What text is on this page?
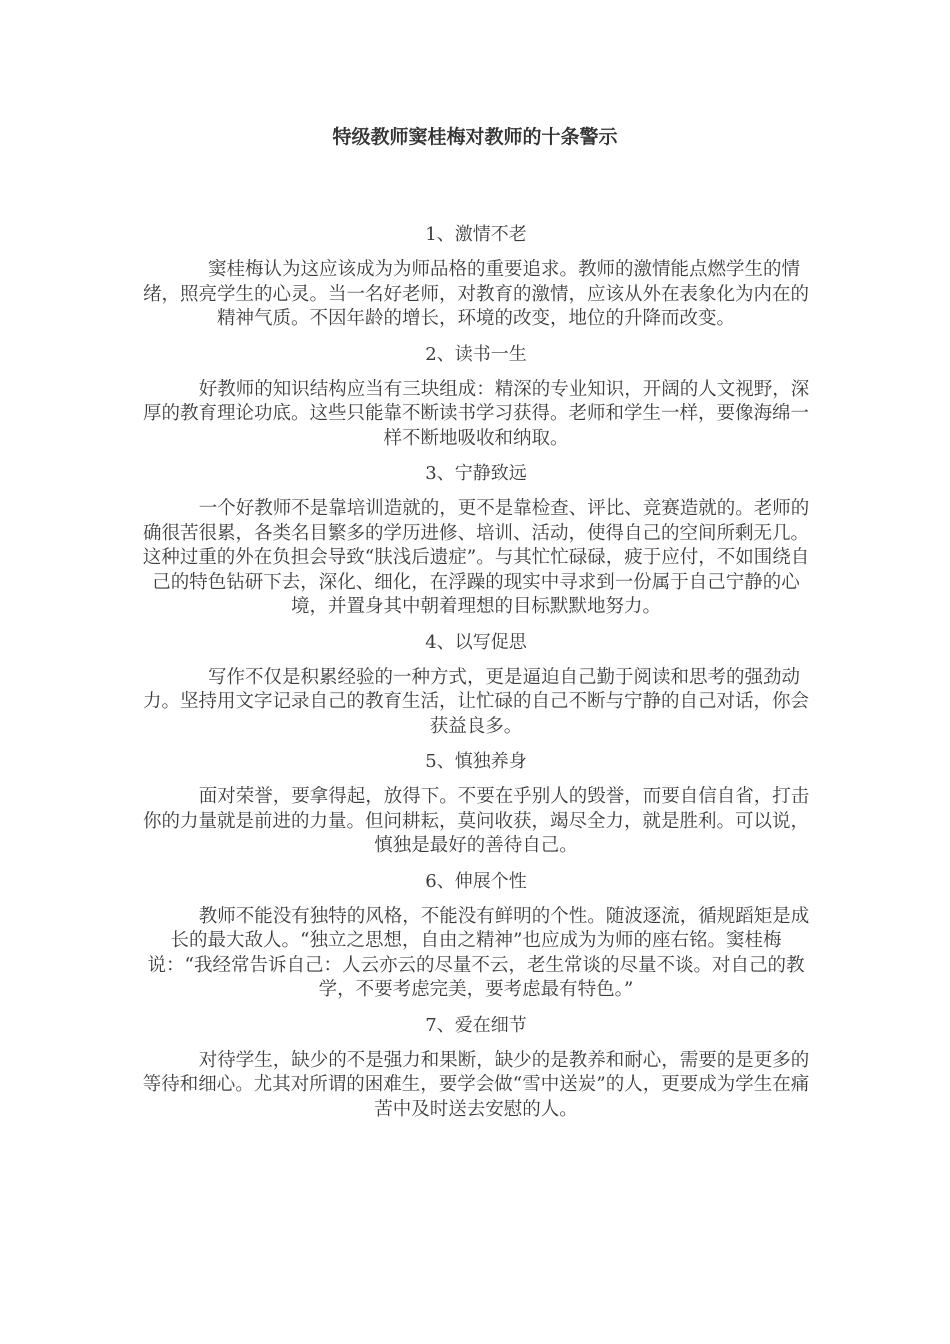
特级教师窦桂梅对教师的十条警示

1、激情不老

窦桂梅认为这应该成为为师品格的重要追求。教师的激情能点燃学生的情绪，照亮学生的心灵。当一名好老师，对教育的激情，应该从外在表象化为内在的精神气质。不因年龄的增长，环境的改变，地位的升降而改变。

2、读书一生

好教师的知识结构应当有三块组成：精深的专业知识，开阔的人文视野，深厚的教育理论功底。这些只能靠不断读书学习获得。老师和学生一样，要像海绵一样不断地吸收和纳取。

3、宁静致远

一个好教师不是靠培训造就的，更不是靠检查、评比、竞赛造就的。老师的确很苦很累，各类名目繁多的学历进修、培训、活动，使得自己的空间所剩无几。这种过重的外在负担会导致“肤浅后遗症”。与其忙忙碌碌，疲于应付，不如围绕自己的特色钻研下去，深化、细化，在浮躁的现实中寻求到一份属于自己宁静的心境，并置身其中朝着理想的目标默默地努力。

4、以写促思

写作不仅是积累经验的一种方式，更是逼迫自己勤于阅读和思考的强劲动力。坚持用文字记录自己的教育生活，让忙碌的自己不断与宁静的自己对话，你会获益良多。

5、慎独养身

面对荣誉，要拿得起，放得下。不要在乎别人的毁誉，而要自信自省，打击你的力量就是前进的力量。但问耕耘，莫问收获，竭尽全力，就是胜利。可以说，慎独是最好的善待自己。

6、伸展个性

教师不能没有独特的风格，不能没有鲜明的个性。随波逐流，循规蹈矩是成长的最大敌人。“独立之思想，自由之精神”也应成为为师的座右铭。窦桂梅说：“我经常告诉自己：人云亦云的尽量不云，老生常谈的尽量不谈。对自己的教学，不要考虑完美，要考虑最有特色。”

7、爱在细节

对待学生，缺少的不是强力和果断，缺少的是教养和耐心，需要的是更多的等待和细心。尤其对所谓的困难生，要学会做“雪中送炭”的人，更要成为学生在痛苦中及时送去安慰的人。
